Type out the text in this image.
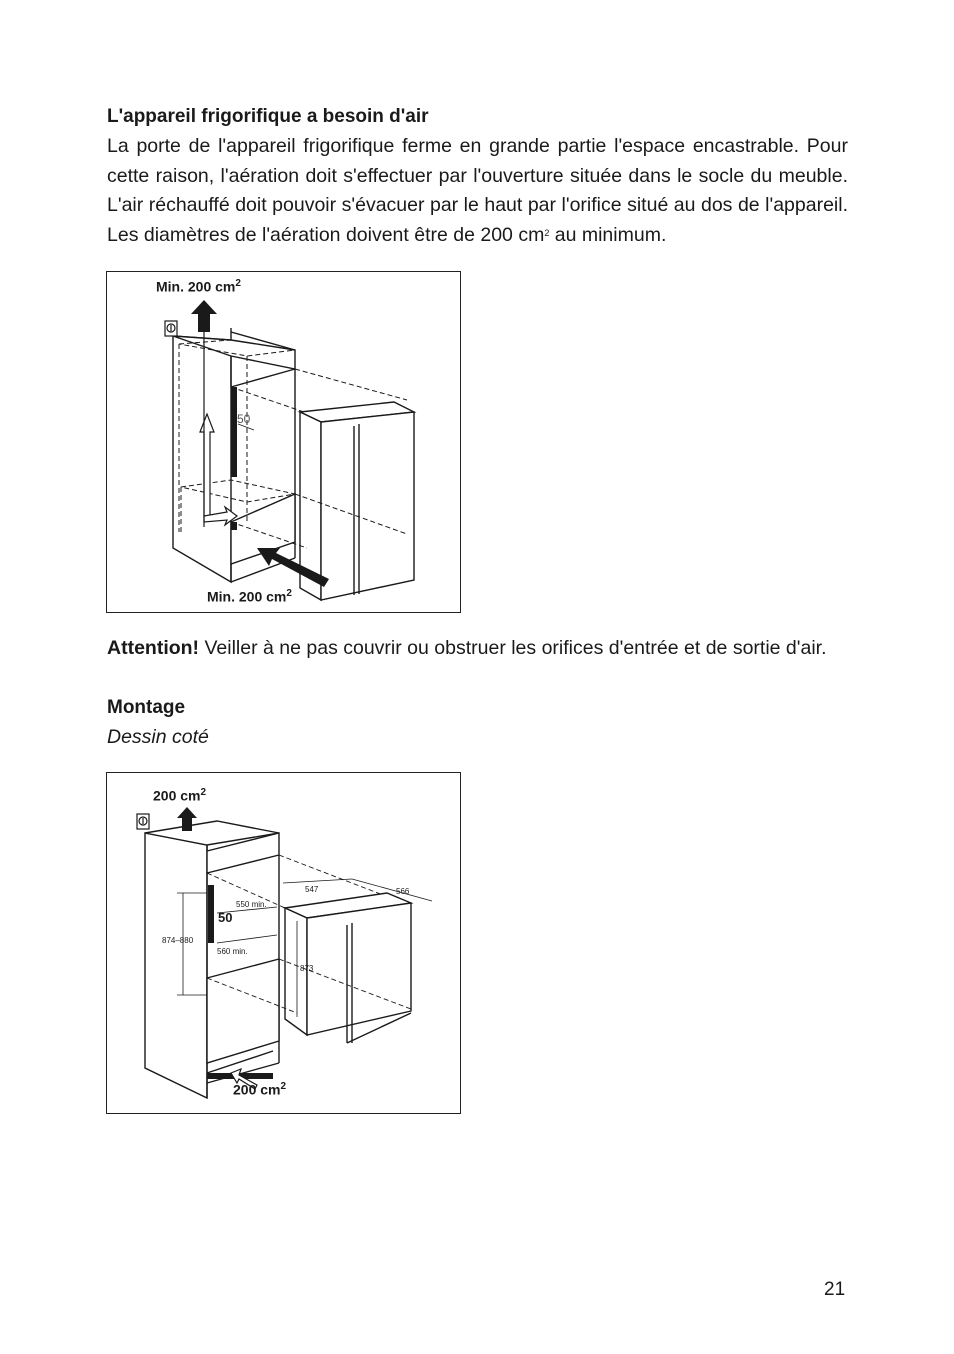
L'appareil frigorifique a besoin d'air
La porte de l'appareil frigorifique ferme en grande partie l'espace encastrable. Pour cette raison, l'aération doit s'effectuer par l'ouverture située dans le socle du meuble. L'air réchauffé doit pouvoir s'évacuer par le haut par l'orifice situé au dos de l'appareil. Les diamètres de l'aération doivent être de 200 $cm^2$ au minimum.
Min. 200 $cm^2$
Min. 200 $cm^2$
50
Attention! Veiller à ne pas couvrir ou obstruer les orifices d'entrée et de sortie d'air.
Montage
Dessin coté
200 $cm^2$
200 $cm^2$
50
550 min.
560 min.
874–880
547	566
873
21
